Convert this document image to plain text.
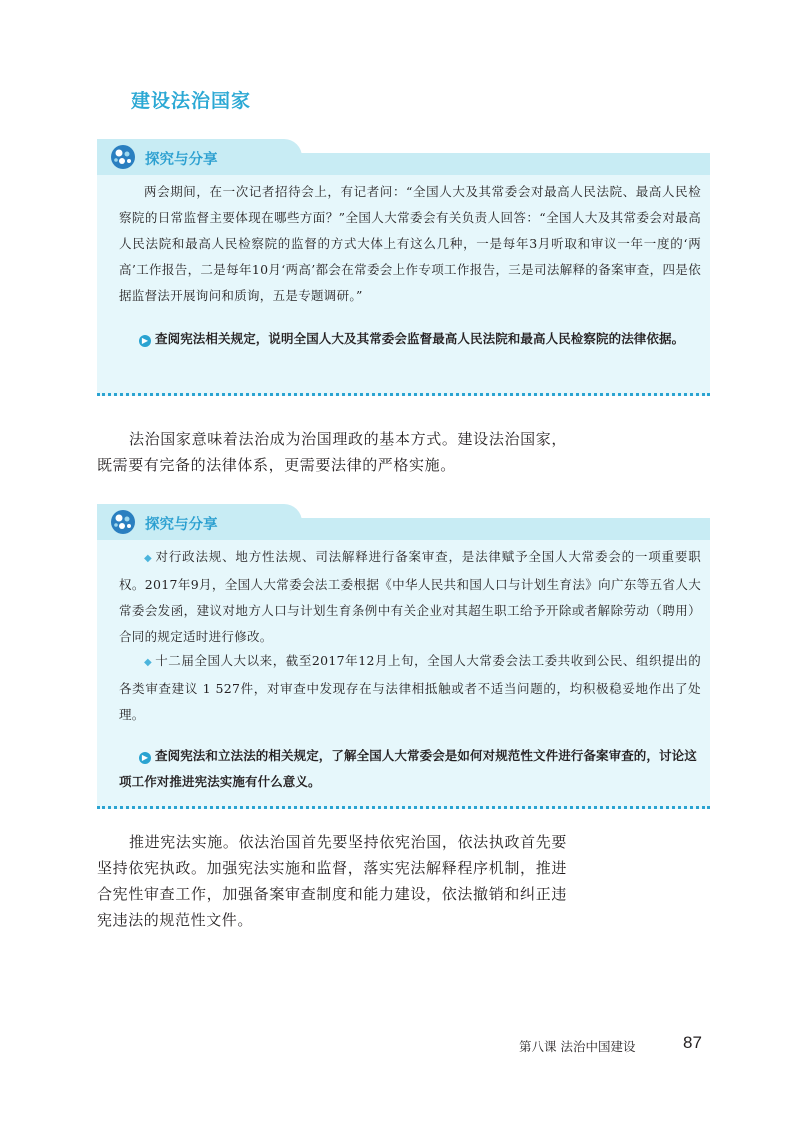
建设法治国家
探究与分享
两会期间，在一次记者招待会上，有记者问：“全国人大及其常委会对最高人民法院、最高人民检察院的日常监督主要体现在哪些方面？”全国人大常委会有关负责人回答：“全国人大及其常委会对最高人民法院和最高人民检察院的监督的方式大体上有这么几种，一是每年3月听取和审议一年一度的‘两高’工作报告，二是每年10月‘两高’都会在常委会上作专项工作报告，三是司法解释的备案审查，四是依据监督法开展询问和质询，五是专题调研。”
▶ 查阅宪法相关规定，说明全国人大及其常委会监督最高人民法院和最高人民检察院的法律依据。
法治国家意味着法治成为治国理政的基本方式。建设法治国家，既需要有完备的法律体系，更需要法律的严格实施。
探究与分享
◆ 对行政法规、地方性法规、司法解释进行备案审查，是法律赋予全国人大常委会的一项重要职权。2017年9月，全国人大常委会法工委根据《中华人民共和国人口与计划生育法》向广东等五省人大常委会发函，建议对地方人口与计划生育条例中有关企业对其超生职工给予开除或者解除劳动（聘用）合同的规定适时进行修改。
◆ 十二届全国人大以来，截至2017年12月上旬，全国人大常委会法工委共收到公民、组织提出的各类审查建议 1 527件，对审查中发现存在与法律相抵触或者不适当问题的，均积极稳妥地作出了处理。
▶ 查阅宪法和立法法的相关规定，了解全国人大常委会是如何对规范性文件进行备案审查的，讨论这项工作对推进宪法实施有什么意义。
推进宪法实施。依法治国首先要坚持依宪治国，依法执政首先要坚持依宪执政。加强宪法实施和监督，落实宪法解释程序机制，推进合宪性审查工作，加强备案审查制度和能力建设，依法撤销和纠正违宪违法的规范性文件。
第八课 法治中国建设	87
